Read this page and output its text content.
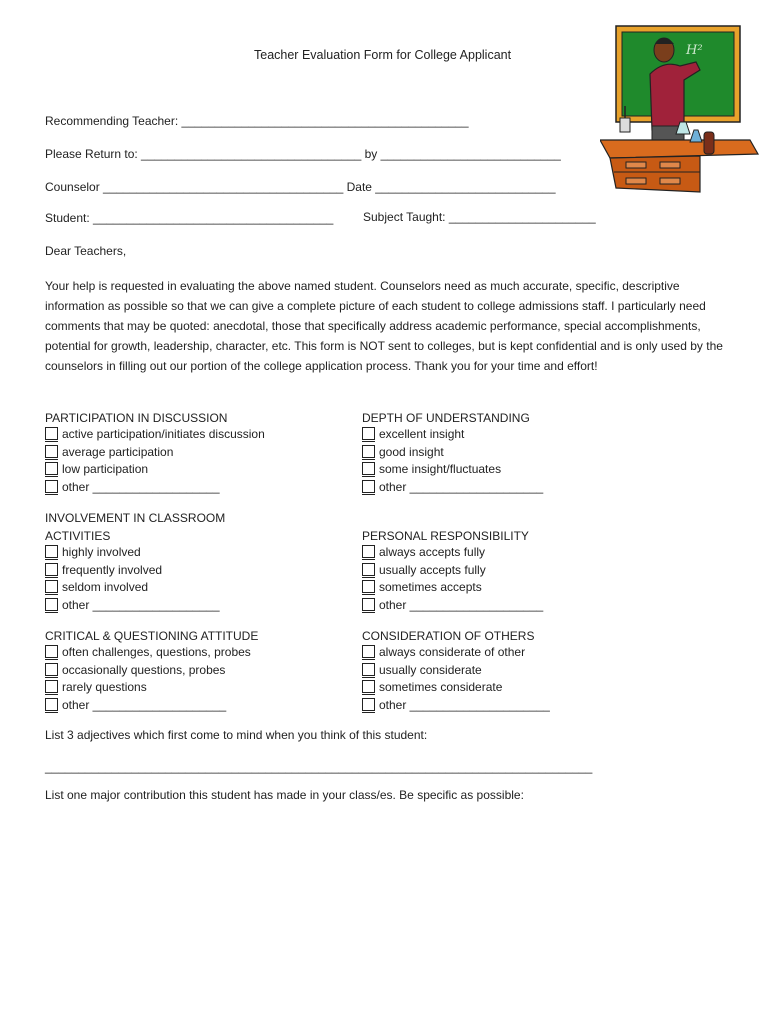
Teacher Evaluation Form for College Applicant	H²
Recommending Teacher: ___________________________________________
Please Return to: _________________________________ by ___________________________
Counselor ____________________________________ Date ___________________________
Student: ____________________________________ Subject Taught: ______________________
Dear Teachers,
Your help is requested in evaluating the above named student. Counselors need as much accurate, specific, descriptive information as possible so that we can give a complete picture of each student to college admissions staff. I particularly need comments that may be quoted: anecdotal, those that specifically address academic performance, special accomplishments, potential for growth, leadership, character, etc. This form is NOT sent to colleges, but is kept confidential and is only used by the counselors in filling out our portion of the college application process. Thank you for your time and effort!
PARTICIPATION IN DISCUSSION
active participation/initiates discussion
average participation
low participation
other ___________________
DEPTH OF UNDERSTANDING
excellent insight
good insight
some insight/fluctuates
other ____________________
INVOLVEMENT IN CLASSROOM
ACTIVITIES
highly involved
frequently involved
seldom involved
other ___________________
PERSONAL RESPONSIBILITY
always accepts fully
usually accepts fully
sometimes accepts
other ____________________
CRITICAL & QUESTIONING ATTITUDE
often challenges, questions, probes
occasionally questions, probes
rarely questions
other ____________________
CONSIDERATION OF OTHERS
always considerate of other
usually considerate
sometimes considerate
other _____________________
List 3 adjectives which first come to mind when you think of this student:
__________________________________________________________________________________
List one major contribution this student has made in your class/es. Be specific as possible:
